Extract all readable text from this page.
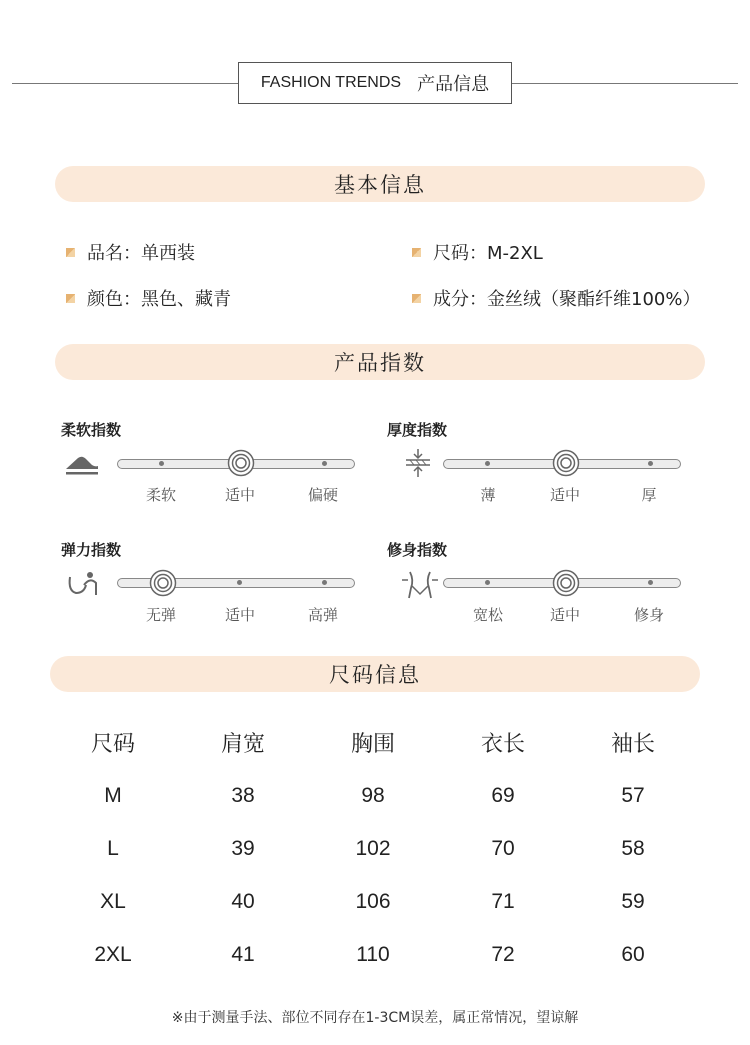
FASHION TRENDS 产品信息
基本信息
品名：单西装	尺码：M-2XL
颜色：黑色、藏青	成分：金丝绒（聚酯纤维100%）
产品指数
柔软指数
柔软	适中	偏硬
厚度指数
薄	适中	厚
弹力指数
无弹	适中	高弹
修身指数
宽松	适中	修身
尺码信息
尺码	肩宽	胸围	衣长	袖长
M	38	98	69	57
L	39	102	70	58
XL	40	106	71	59
2XL	41	110	72	60
※由于测量手法、部位不同存在1-3CM误差，属正常情况，望谅解
